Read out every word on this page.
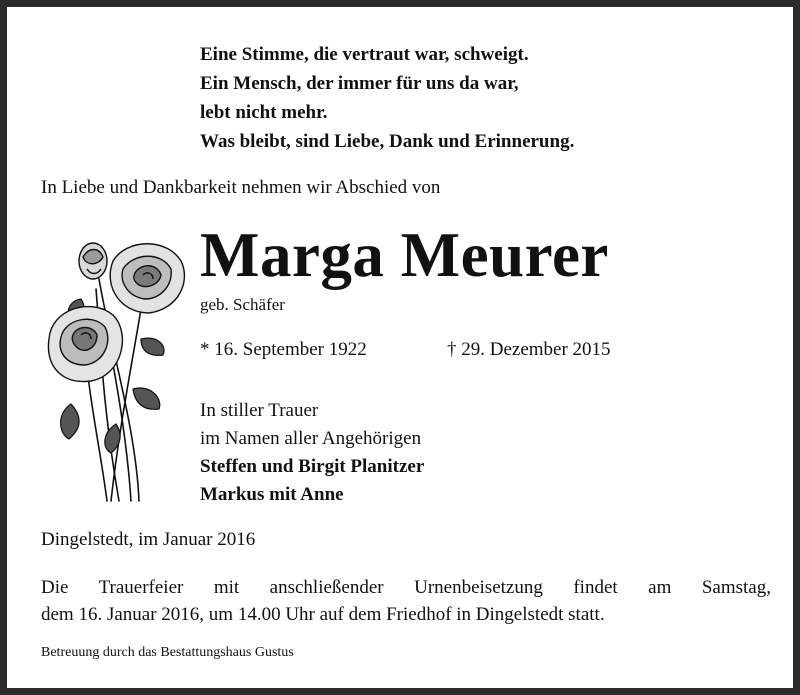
Eine Stimme, die vertraut war, schweigt.
Ein Mensch, der immer für uns da war,
lebt nicht mehr.
Was bleibt, sind Liebe, Dank und Erinnerung.
In Liebe und Dankbarkeit nehmen wir Abschied von
Marga Meurer
geb. Schäfer
* 16. September 1922	† 29. Dezember 2015
In stiller Trauer
im Namen aller Angehörigen
Steffen und Birgit Planitzer
Markus mit Anne
Dingelstedt, im Januar 2016
Die Trauerfeier mit anschließender Urnenbeisetzung findet am Samstag,
dem 16. Januar 2016, um 14.00 Uhr auf dem Friedhof in Dingelstedt statt.
Betreuung durch das Bestattungshaus Gustus
